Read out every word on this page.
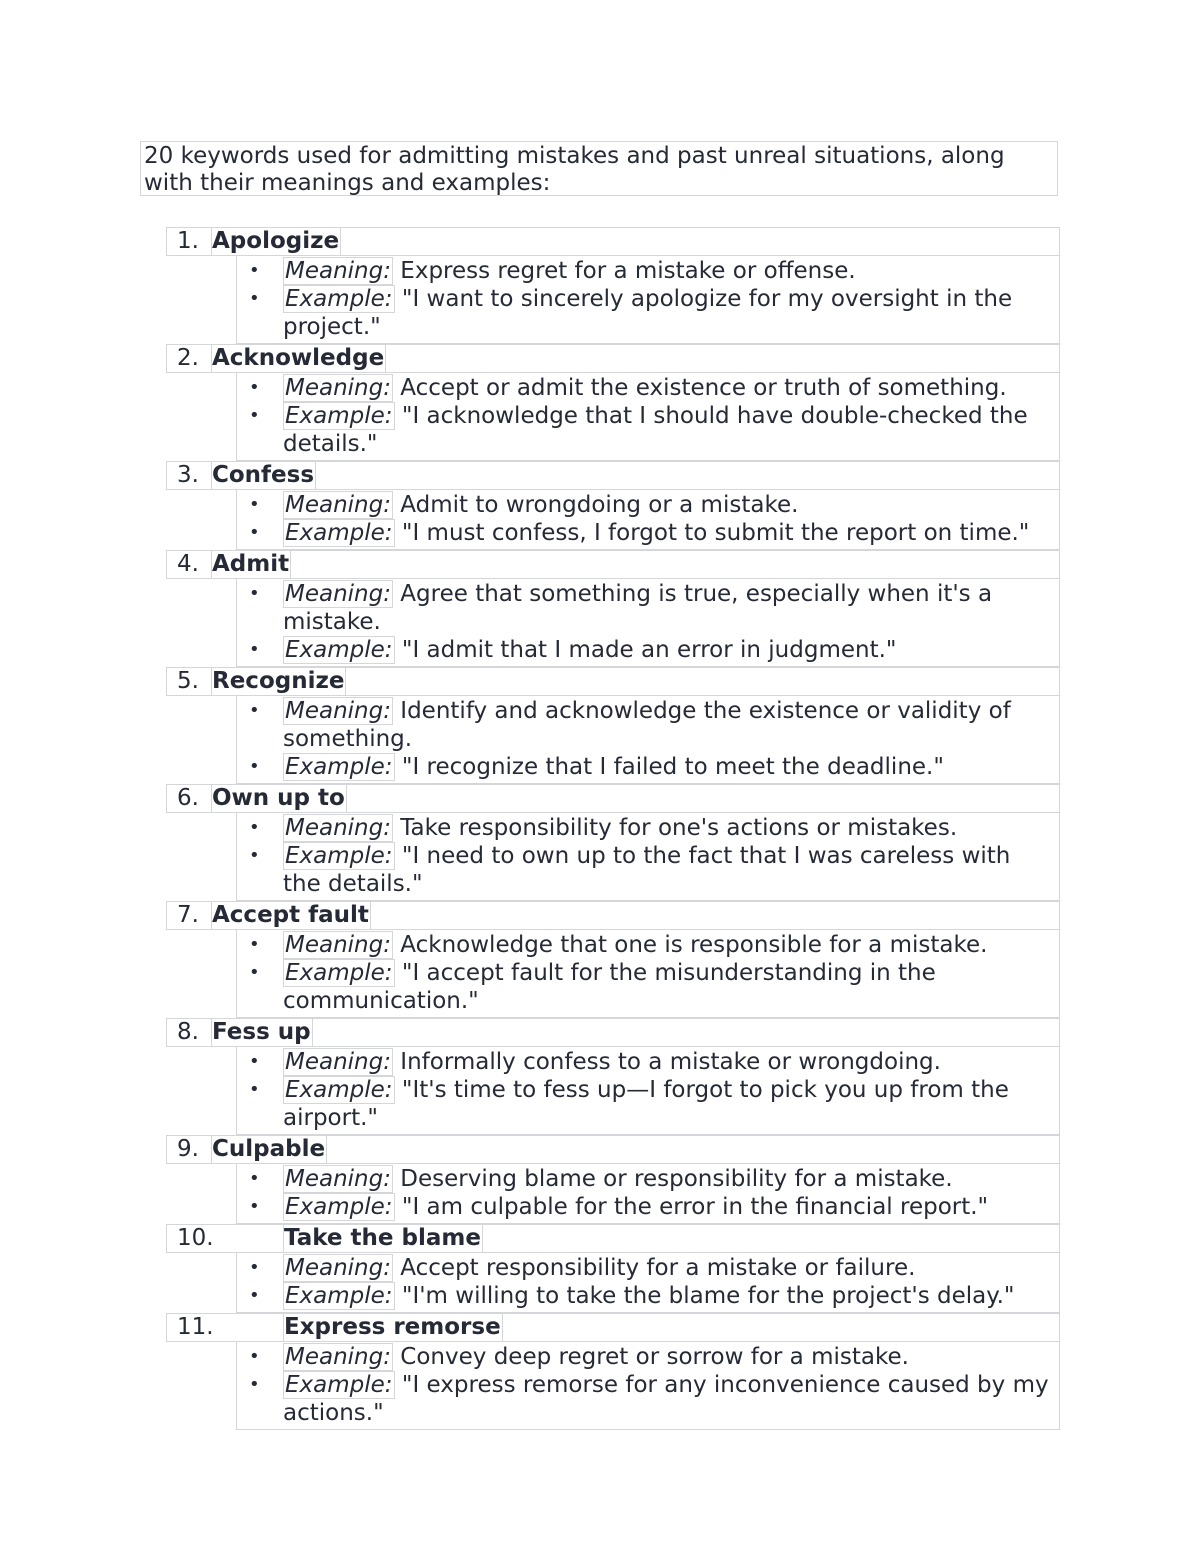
20 keywords used for admitting mistakes and past unreal situations, along with their meanings and examples:
1. Apologize
• Meaning: Express regret for a mistake or offense.
• Example: "I want to sincerely apologize for my oversight in the project."
2. Acknowledge
• Meaning: Accept or admit the existence or truth of something.
• Example: "I acknowledge that I should have double-checked the details."
3. Confess
• Meaning: Admit to wrongdoing or a mistake.
• Example: "I must confess, I forgot to submit the report on time."
4. Admit
• Meaning: Agree that something is true, especially when it's a mistake.
• Example: "I admit that I made an error in judgment."
5. Recognize
• Meaning: Identify and acknowledge the existence or validity of something.
• Example: "I recognize that I failed to meet the deadline."
6. Own up to
• Meaning: Take responsibility for one's actions or mistakes.
• Example: "I need to own up to the fact that I was careless with the details."
7. Accept fault
• Meaning: Acknowledge that one is responsible for a mistake.
• Example: "I accept fault for the misunderstanding in the communication."
8. Fess up
• Meaning: Informally confess to a mistake or wrongdoing.
• Example: "It's time to fess up—I forgot to pick you up from the airport."
9. Culpable
• Meaning: Deserving blame or responsibility for a mistake.
• Example: "I am culpable for the error in the financial report."
10.	Take the blame
• Meaning: Accept responsibility for a mistake or failure.
• Example: "I'm willing to take the blame for the project's delay."
11.	Express remorse
• Meaning: Convey deep regret or sorrow for a mistake.
• Example: "I express remorse for any inconvenience caused by my actions."
